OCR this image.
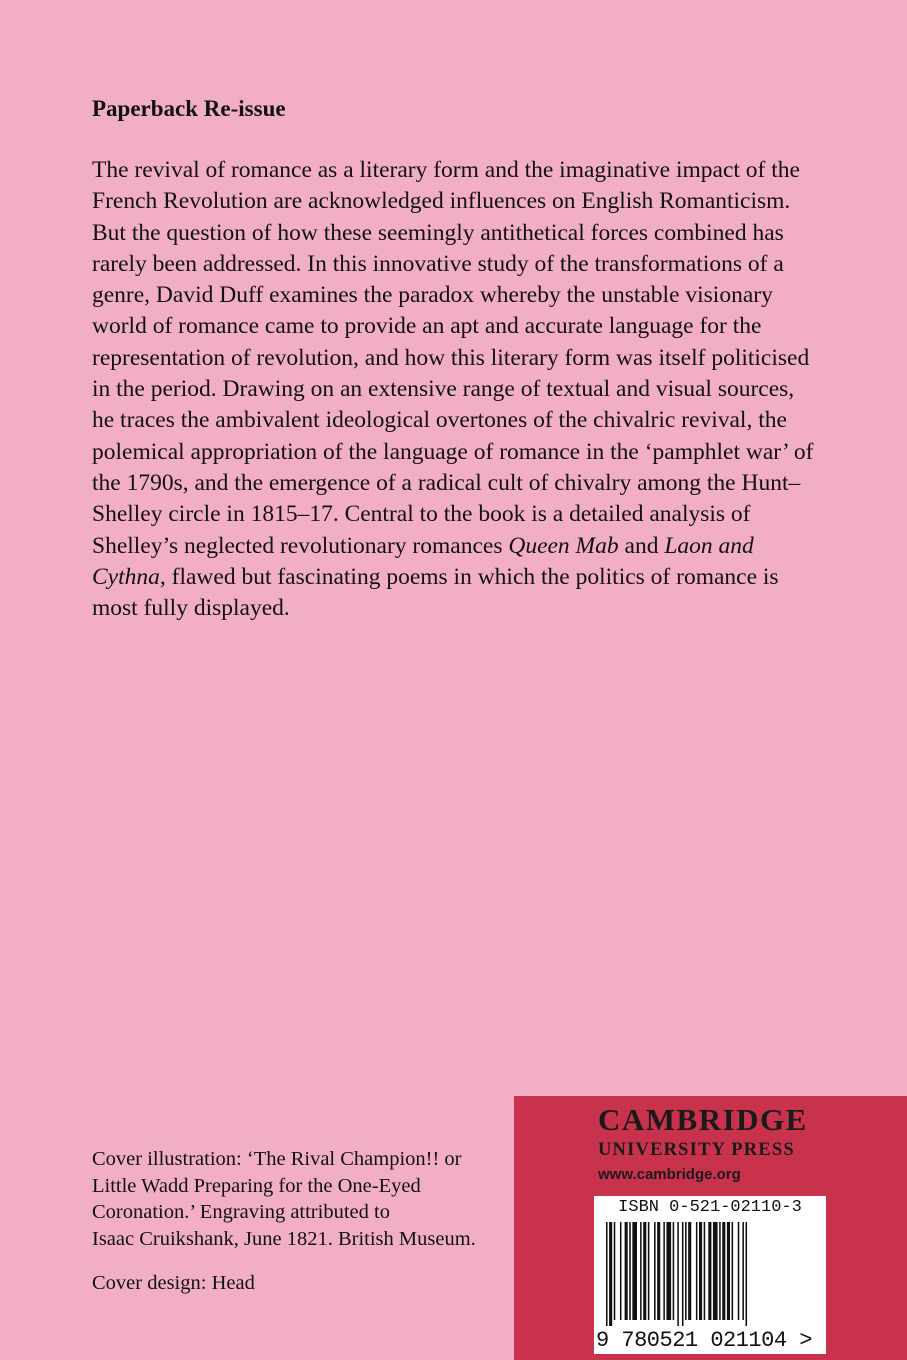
Paperback Re-issue

The revival of romance as a literary form and the imaginative impact of the French Revolution are acknowledged influences on English Romanticism. But the question of how these seemingly antithetical forces combined has rarely been addressed. In this innovative study of the transformations of a genre, David Duff examines the paradox whereby the unstable visionary world of romance came to provide an apt and accurate language for the representation of revolution, and how this literary form was itself politicised in the period. Drawing on an extensive range of textual and visual sources, he traces the ambivalent ideological overtones of the chivalric revival, the polemical appropriation of the language of romance in the ‘pamphlet war’ of the 1790s, and the emergence of a radical cult of chivalry among the Hunt–Shelley circle in 1815–17. Central to the book is a detailed analysis of Shelley’s neglected revolutionary romances Queen Mab and Laon and Cythna, flawed but fascinating poems in which the politics of romance is most fully displayed.

Cover illustration: ‘The Rival Champion!! or

Little Wadd Preparing for the One-Eyed

Coronation.’ Engraving attributed to

Isaac Cruikshank, June 1821. British Museum.

Cover design: Head

CAMBRIDGE

UNIVERSITY PRESS

www.cambridge.org

ISBN 0-521-02110-3

9 780521 021104 >
